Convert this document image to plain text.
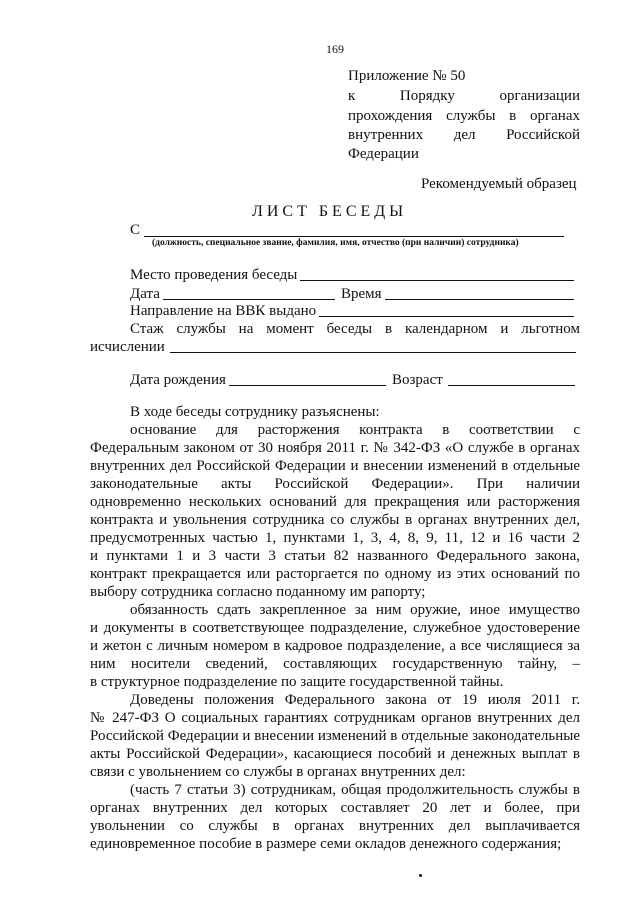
169
Приложение № 50
к Порядку организации
прохождения службы в органах
внутренних дел Российской
Федерации
Рекомендуемый образец
ЛИСТ БЕСЕДЫ
С
(должность, специальное звание, фамилия, имя, отчество (при наличии) сотрудника)
Место проведения беседы
Дата	Время
Направление на ВВК выдано
Стаж службы на момент беседы в календарном и льготном
исчислении
Дата рождения	Возраст
В ходе беседы сотруднику разъяснены:
основание для расторжения контракта в соответствии с
Федеральным законом от 30 ноября 2011 г. № 342-ФЗ «О службе в органах
внутренних дел Российской Федерации и внесении изменений в отдельные
законодательные акты Российской Федерации». При наличии
одновременно нескольких оснований для прекращения или расторжения
контракта и увольнения сотрудника со службы в органах внутренних дел,
предусмотренных частью 1, пунктами 1, 3, 4, 8, 9, 11, 12 и 16 части 2
и пунктами 1 и 3 части 3 статьи 82 названного Федерального закона,
контракт прекращается или расторгается по одному из этих оснований по
выбору сотрудника согласно поданному им рапорту;
обязанность сдать закрепленное за ним оружие, иное имущество
и документы в соответствующее подразделение, служебное удостоверение
и жетон с личным номером в кадровое подразделение, а все числящиеся за
ним носители сведений, составляющих государственную тайну, –
в структурное подразделение по защите государственной тайны.
Доведены положения Федерального закона от 19 июля 2011 г.
№ 247-ФЗ О социальных гарантиях сотрудникам органов внутренних дел
Российской Федерации и внесении изменений в отдельные законодательные
акты Российской Федерации», касающиеся пособий и денежных выплат в
связи с увольнением со службы в органах внутренних дел:
(часть 7 статьи 3) сотрудникам, общая продолжительность службы в
органах внутренних дел которых составляет 20 лет и более, при
увольнении со службы в органах внутренних дел выплачивается
единовременное пособие в размере семи окладов денежного содержания;
